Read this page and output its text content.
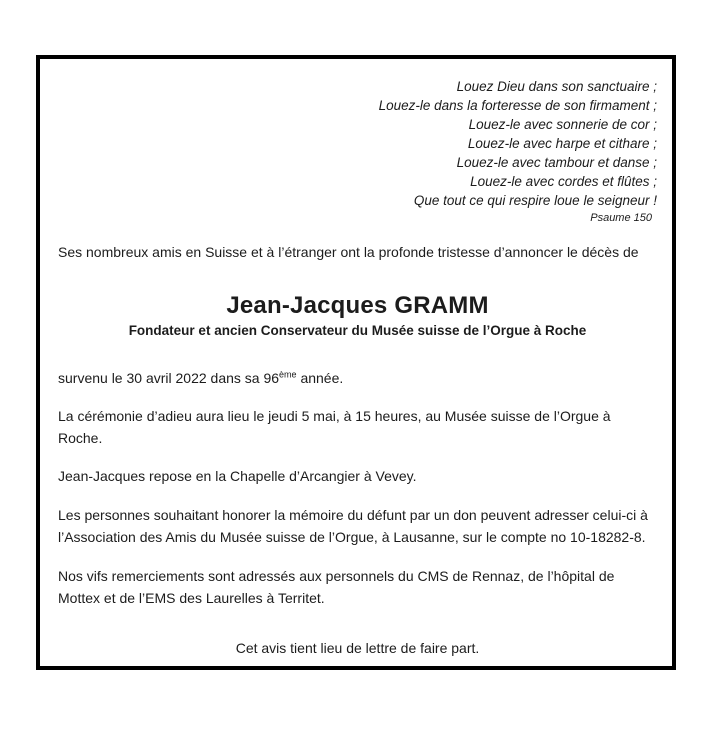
Louez Dieu dans son sanctuaire ;
Louez-le dans la forteresse de son firmament ;
Louez-le avec sonnerie de cor ;
Louez-le avec harpe et cithare ;
Louez-le avec tambour et danse ;
Louez-le avec cordes et flûtes ;
Que tout ce qui respire loue le seigneur !
Psaume 150

Ses nombreux amis en Suisse et à l’étranger ont la profonde tristesse d’annoncer le décès de

Jean-Jacques GRAMM
Fondateur et ancien Conservateur du Musée suisse de l’Orgue à Roche

survenu le 30 avril 2022 dans sa 96ème année.

La cérémonie d’adieu aura lieu le jeudi 5 mai, à 15 heures, au Musée suisse de l’Orgue à Roche.

Jean-Jacques repose en la Chapelle d’Arcangier à Vevey.

Les personnes souhaitant honorer la mémoire du défunt par un don peuvent adresser celui-ci à l’Association des Amis du Musée suisse de l’Orgue, à Lausanne, sur le compte no 10-18282-8.

Nos vifs remerciements sont adressés aux personnels du CMS de Rennaz, de l’hôpital de Mottex et de l’EMS des Laurelles à Territet.

Cet avis tient lieu de lettre de faire part.
